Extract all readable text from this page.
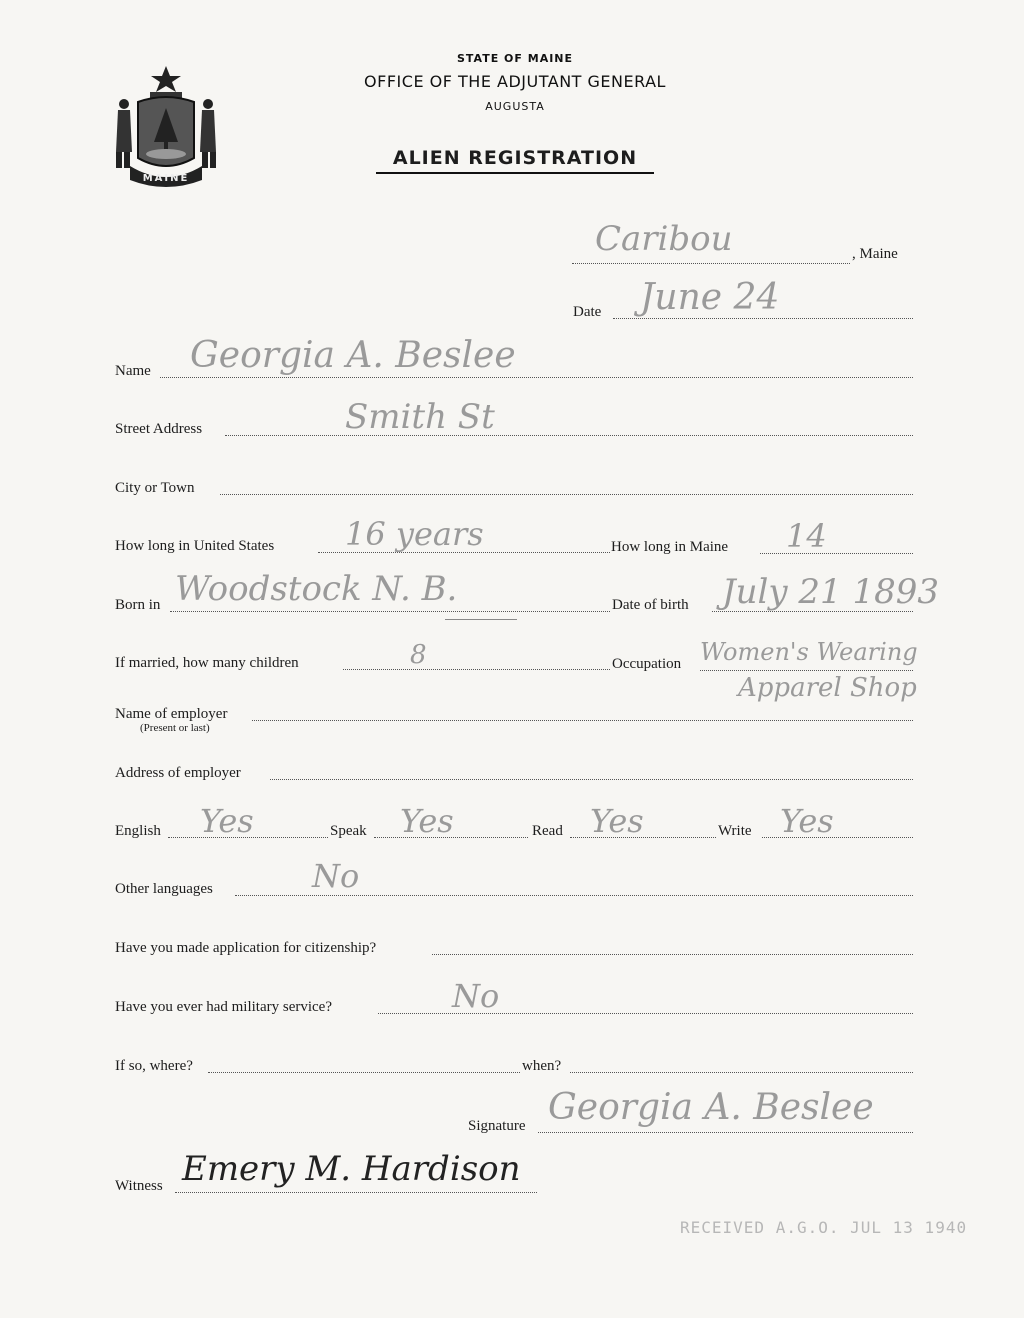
MAINE
STATE OF MAINE
OFFICE OF THE ADJUTANT GENERAL
AUGUSTA
ALIEN REGISTRATION
Caribou	, Maine
Date June 24
Name Georgia A. Beslee
Street Address	Smith St
City or Town
How long in United States 16 years	How long in Maine 14
Born in Woodstock N. B.	Date of birth July 21 1893
If married, how many children	8	Occupation Women's Wearing
Apparel Shop
Name of employer
(Present or last)
Address of employer
English Yes	Speak Yes	Read Yes	Write Yes
Other languages	No
Have you made application for citizenship?
Have you ever had military service?	No
If so, where?	when?
Signature Georgia A. Beslee
Witness Emery M. Hardison
RECEIVED A.G.O. JUL 13 1940
